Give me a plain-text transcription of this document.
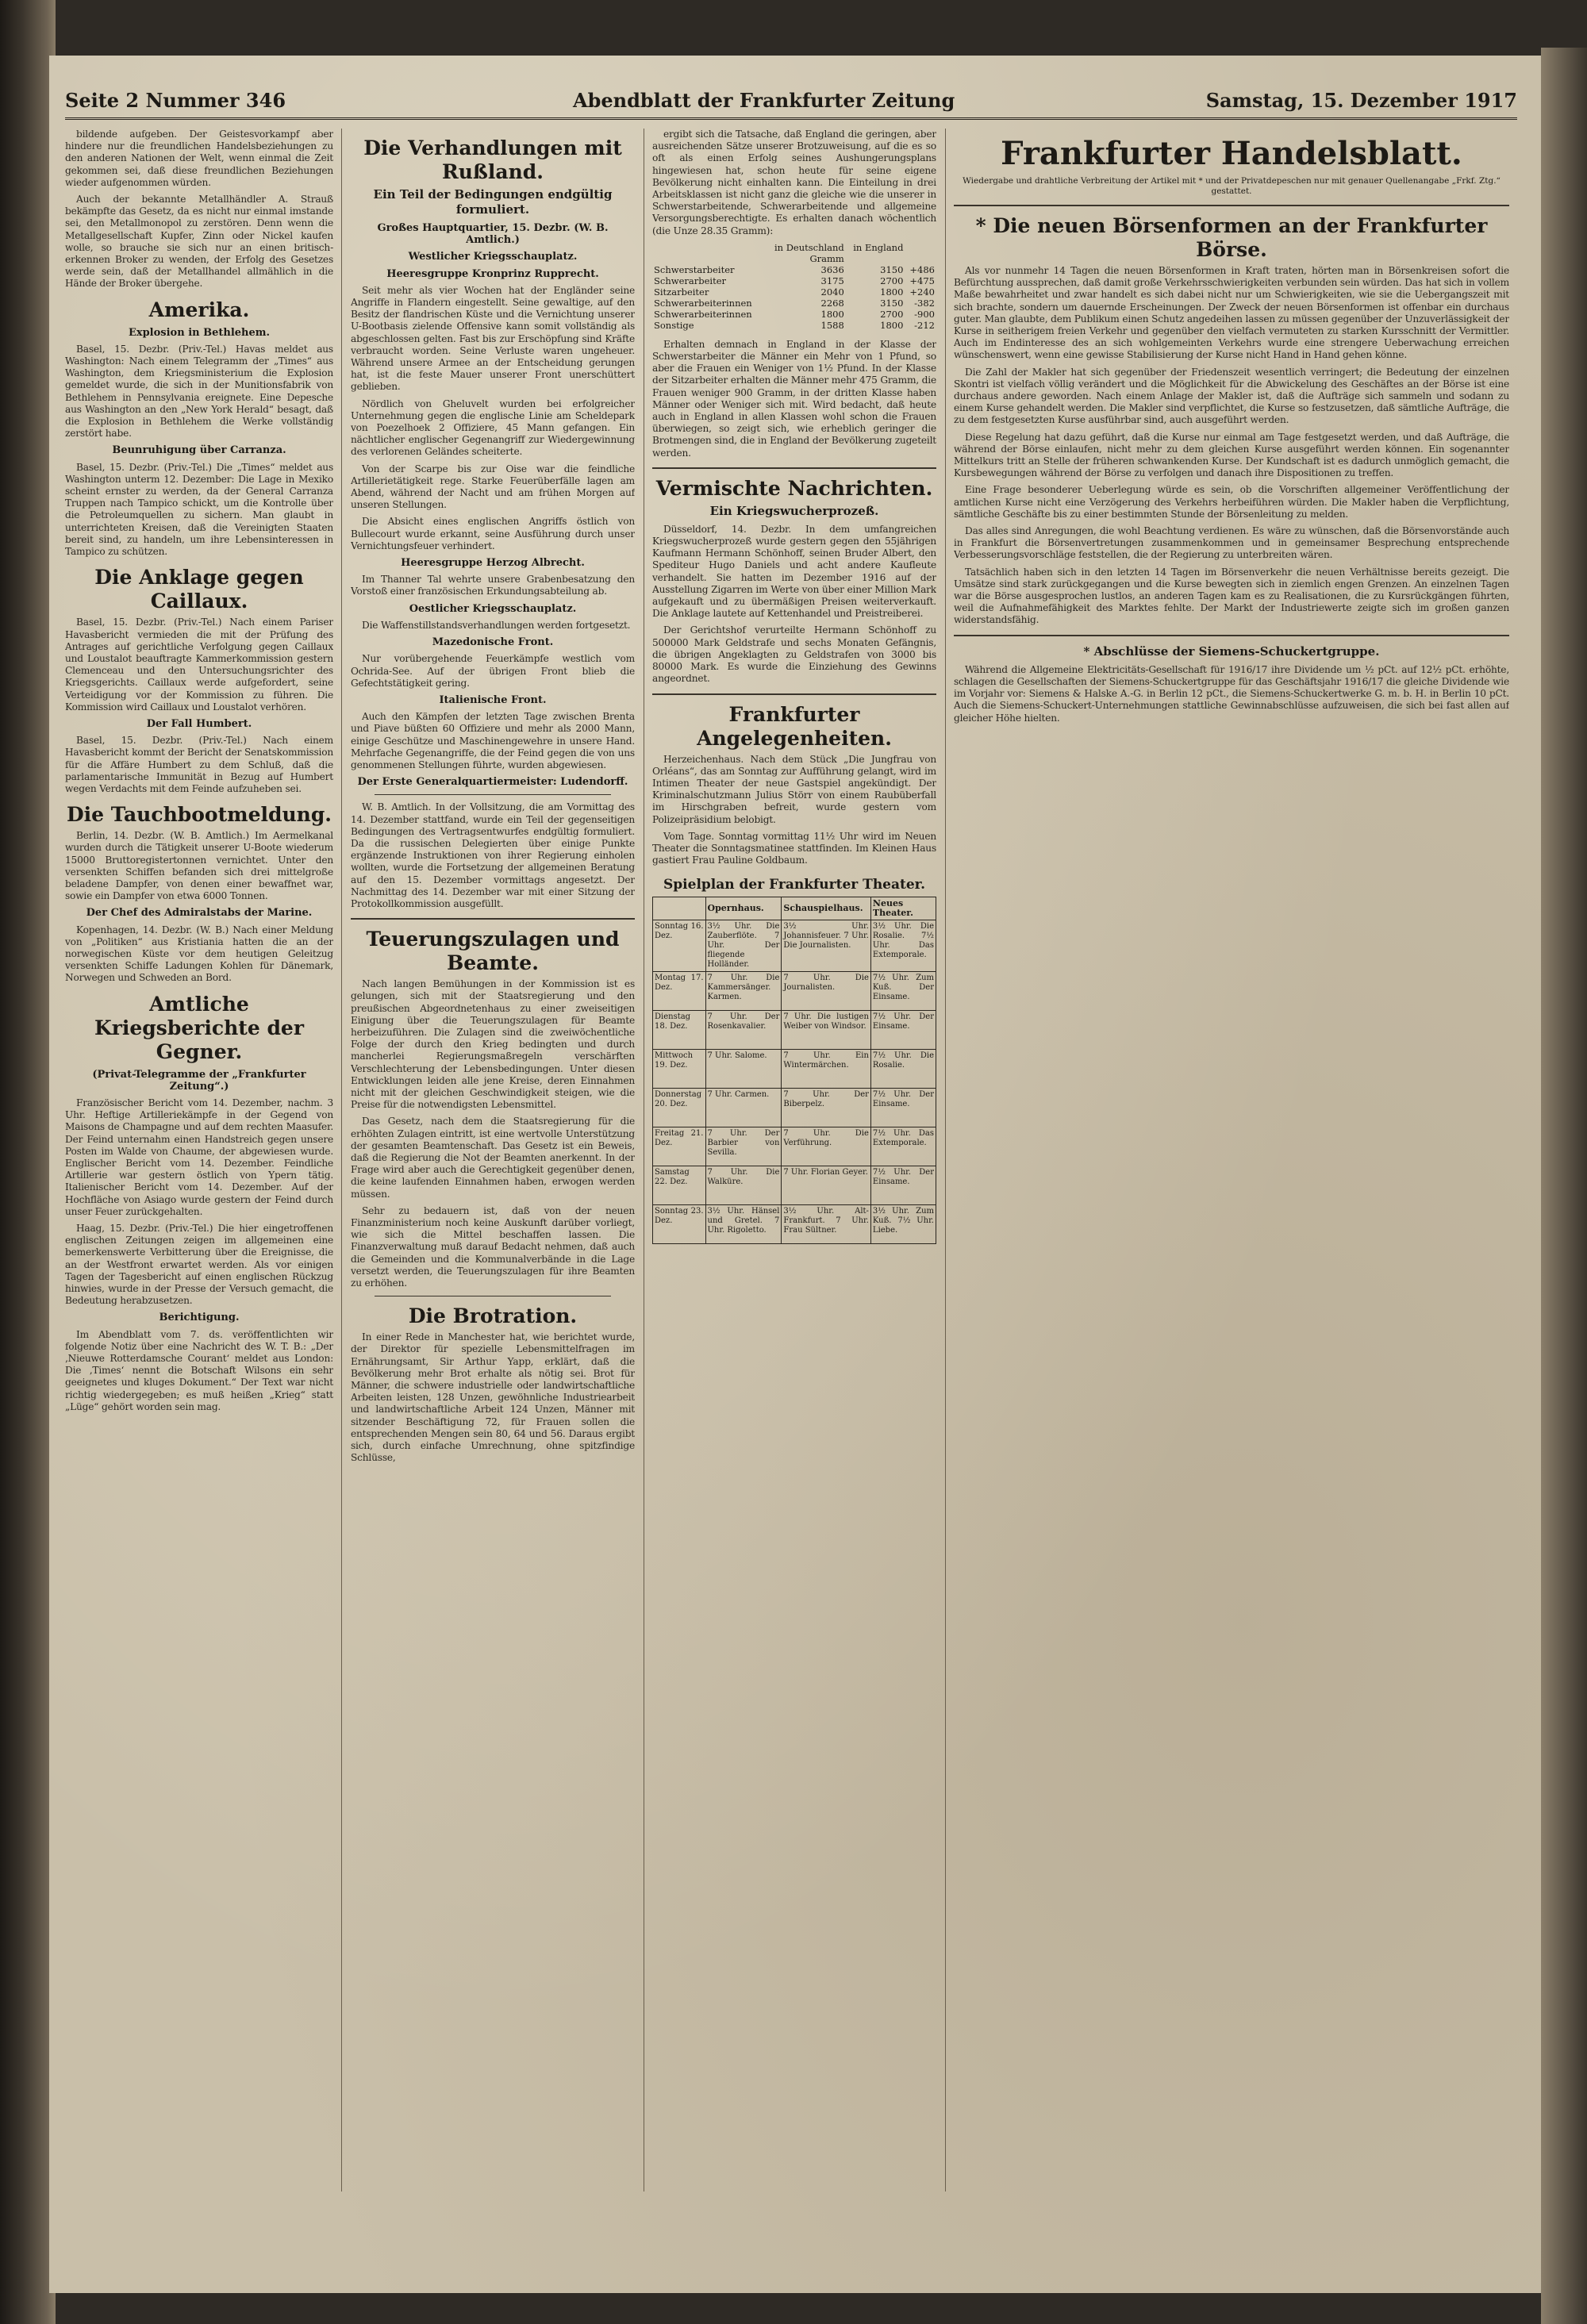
Seite 2 Nummer 346	Abendblatt der Frankfurter Zeitung	Samstag, 15. Dezember 1917

bildende aufgeben. Der Geistesvorkampf aber hindere nur die freundlichen Handelsbeziehungen zu den anderen Nationen der Welt, wenn einmal die Zeit gekommen sei, daß diese freundlichen Beziehungen wieder aufgenommen würden.

Auch der bekannte Metallhändler A. Strauß bekämpfte das Gesetz, da es nicht nur einmal imstande sei, den Metallmonopol zu zerstören. Denn wenn die Metallgesellschaft Kupfer, Zinn oder Nickel kaufen wolle, so brauche sie sich nur an einen britisch-erkennen Broker zu wenden, der Erfolg des Gesetzes werde sein, daß der Metallhandel allmählich in die Hände der Broker übergehe.

Amerika.
Explosion in Bethlehem.

Basel, 15. Dezbr. (Priv.-Tel.) Havas meldet aus Washington: Nach einem Telegramm der „Times“ aus Washington, dem Kriegsministerium die Explosion gemeldet wurde, die sich in der Munitionsfabrik von Bethlehem in Pennsylvania ereignete. Eine Depesche aus Washington an den „New York Herald“ besagt, daß die Explosion in Bethlehem die Werke vollständig zerstört habe.

Beunruhigung über Carranza.

Basel, 15. Dezbr. (Priv.-Tel.) Die „Times“ meldet aus Washington unterm 12. Dezember: Die Lage in Mexiko scheint ernster zu werden, da der General Carranza Truppen nach Tampico schickt, um die Kontrolle über die Petroleumquellen zu sichern. Man glaubt in unterrichteten Kreisen, daß die Vereinigten Staaten bereit sind, zu handeln, um ihre Lebensinteressen in Tampico zu schützen.

Die Anklage gegen Caillaux.

Basel, 15. Dezbr. (Priv.-Tel.) Nach einem Pariser Havasbericht vermieden die mit der Prüfung des Antrages auf gerichtliche Verfolgung gegen Caillaux und Loustalot beauftragte Kammerkommission gestern Clemenceau und den Untersuchungsrichter des Kriegsgerichts. Caillaux werde aufgefordert, seine Verteidigung vor der Kommission zu führen. Die Kommission wird Caillaux und Loustalot verhören.

Der Fall Humbert.

Basel, 15. Dezbr. (Priv.-Tel.) Nach einem Havasbericht kommt der Bericht der Senatskommission für die Affäre Humbert zu dem Schluß, daß die parlamentarische Immunität in Bezug auf Humbert wegen Verdachts mit dem Feinde aufzuheben sei.

Die Tauchbootmeldung.

Berlin, 14. Dezbr. (W. B. Amtlich.) Im Aermelkanal wurden durch die Tätigkeit unserer U-Boote wiederum 15000 Bruttoregistertonnen vernichtet. Unter den versenkten Schiffen befanden sich drei mittelgroße beladene Dampfer, von denen einer bewaffnet war, sowie ein Dampfer von etwa 6000 Tonnen.

Der Chef des Admiralstabs der Marine.

Kopenhagen, 14. Dezbr. (W. B.) Nach einer Meldung von „Politiken“ aus Kristiania hatten die an der norwegischen Küste vor dem heutigen Geleitzug versenkten Schiffe Ladungen Kohlen für Dänemark, Norwegen und Schweden an Bord.

Amtliche Kriegsberichte der Gegner.
(Privat-Telegramme der „Frankfurter Zeitung“.)

Französischer Bericht vom 14. Dezember, nachm. 3 Uhr. Heftige Artilleriekämpfe in der Gegend von Maisons de Champagne und auf dem rechten Maasufer. Der Feind unternahm einen Handstreich gegen unsere Posten im Walde von Chaume, der abgewiesen wurde. Englischer Bericht vom 14. Dezember. Feindliche Artillerie war gestern östlich von Ypern tätig. Italienischer Bericht vom 14. Dezember. Auf der Hochfläche von Asiago wurde gestern der Feind durch unser Feuer zurückgehalten.

Haag, 15. Dezbr. (Priv.-Tel.) Die hier eingetroffenen englischen Zeitungen zeigen im allgemeinen eine bemerkenswerte Verbitterung über die Ereignisse, die an der Westfront erwartet werden. Als vor einigen Tagen der Tagesbericht auf einen englischen Rückzug hinwies, wurde in der Presse der Versuch gemacht, die Bedeutung herabzusetzen.

Berichtigung.

Im Abendblatt vom 7. ds. veröffentlichten wir folgende Notiz über eine Nachricht des W. T. B.: „Der ‚Nieuwe Rotterdamsche Courant‘ meldet aus London: Die ‚Times‘ nennt die Botschaft Wilsons ein sehr geeignetes und kluges Dokument.“ Der Text war nicht richtig wiedergegeben; es muß heißen „Krieg“ statt „Lüge“ gehört worden sein mag.

Die Verhandlungen mit Rußland.
Ein Teil der Bedingungen endgültig formuliert.
Großes Hauptquartier, 15. Dezbr. (W. B. Amtlich.)
Westlicher Kriegsschauplatz.
Heeresgruppe Kronprinz Rupprecht.

Seit mehr als vier Wochen hat der Engländer seine Angriffe in Flandern eingestellt. Seine gewaltige, auf den Besitz der flandrischen Küste und die Vernichtung unserer U-Bootbasis zielende Offensive kann somit vollständig als abgeschlossen gelten. Fast bis zur Erschöpfung sind Kräfte verbraucht worden. Seine Verluste waren ungeheuer. Während unsere Armee an der Entscheidung gerungen hat, ist die feste Mauer unserer Front unerschüttert geblieben.

Nördlich von Gheluvelt wurden bei erfolgreicher Unternehmung gegen die englische Linie am Scheldepark von Poezelhoek 2 Offiziere, 45 Mann gefangen. Ein nächtlicher englischer Gegenangriff zur Wiedergewinnung des verlorenen Geländes scheiterte.

Von der Scarpe bis zur Oise war die feindliche Artillerietätigkeit rege. Starke Feuerüberfälle lagen am Abend, während der Nacht und am frühen Morgen auf unseren Stellungen.

Die Absicht eines englischen Angriffs östlich von Bullecourt wurde erkannt, seine Ausführung durch unser Vernichtungsfeuer verhindert.

Heeresgruppe Herzog Albrecht.

Im Thanner Tal wehrte unsere Grabenbesatzung den Vorstoß einer französischen Erkundungsabteilung ab.

Oestlicher Kriegsschauplatz.

Die Waffenstillstandsverhandlungen werden fortgesetzt.

Mazedonische Front.

Nur vorübergehende Feuerkämpfe westlich vom Ochrida-See. Auf der übrigen Front blieb die Gefechtstätigkeit gering.

Italienische Front.

Auch den Kämpfen der letzten Tage zwischen Brenta und Piave büßten 60 Offiziere und mehr als 2000 Mann, einige Geschütze und Maschinengewehre in unsere Hand. Mehrfache Gegenangriffe, die der Feind gegen die von uns genommenen Stellungen führte, wurden abgewiesen.

Der Erste Generalquartiermeister: Ludendorff.

W. B. Amtlich. In der Vollsitzung, die am Vormittag des 14. Dezember stattfand, wurde ein Teil der gegenseitigen Bedingungen des Vertragsentwurfes endgültig formuliert. Da die russischen Delegierten über einige Punkte ergänzende Instruktionen von ihrer Regierung einholen wollten, wurde die Fortsetzung der allgemeinen Beratung auf den 15. Dezember vormittags angesetzt. Der Nachmittag des 14. Dezember war mit einer Sitzung der Protokollkommission ausgefüllt.

Teuerungszulagen und Beamte.

Nach langen Bemühungen in der Kommission ist es gelungen, sich mit der Staatsregierung und den preußischen Abgeordnetenhaus zu einer zweiseitigen Einigung über die Teuerungszulagen für Beamte herbeizuführen. Die Zulagen sind die zweiwöchentliche Folge der durch den Krieg bedingten und durch mancherlei Regierungsmaßregeln verschärften Verschlechterung der Lebensbedingungen. Unter diesen Entwicklungen leiden alle jene Kreise, deren Einnahmen nicht mit der gleichen Geschwindigkeit steigen, wie die Preise für die notwendigsten Lebensmittel.

Das Gesetz, nach dem die Staatsregierung für die erhöhten Zulagen eintritt, ist eine wertvolle Unterstützung der gesamten Beamtenschaft. Das Gesetz ist ein Beweis, daß die Regierung die Not der Beamten anerkennt. In der Frage wird aber auch die Gerechtigkeit gegenüber denen, die keine laufenden Einnahmen haben, erwogen werden müssen.

Sehr zu bedauern ist, daß von der neuen Finanzministerium noch keine Auskunft darüber vorliegt, wie sich die Mittel beschaffen lassen. Die Finanzverwaltung muß darauf Bedacht nehmen, daß auch die Gemeinden und die Kommunalverbände in die Lage versetzt werden, die Teuerungszulagen für ihre Beamten zu erhöhen.

Die Brotration.

In einer Rede in Manchester hat, wie berichtet wurde, der Direktor für spezielle Lebensmittelfragen im Ernährungsamt, Sir Arthur Yapp, erklärt, daß die Bevölkerung mehr Brot erhalte als nötig sei. Brot für Männer, die schwere industrielle oder landwirtschaftliche Arbeiten leisten, 128 Unzen, gewöhnliche Industriearbeit und landwirtschaftliche Arbeit 124 Unzen, Männer mit sitzender Beschäftigung 72, für Frauen sollen die entsprechenden Mengen sein 80, 64 und 56. Daraus ergibt sich, durch einfache Umrechnung, ohne spitzfindige Schlüsse,

ergibt sich die Tatsache, daß England die geringen, aber ausreichenden Sätze unserer Brotzuweisung, auf die es so oft als einen Erfolg seines Aushungerungsplans hingewiesen hat, schon heute für seine eigene Bevölkerung nicht einhalten kann. Die Einteilung in drei Arbeitsklassen ist nicht ganz die gleiche wie die unserer in Schwerstarbeitende, Schwerarbeitende und allgemeine Versorgungsberechtigte. Es erhalten danach wöchentlich (die Unze 28.35 Gramm):

	in Deutschland	in England	
	Gramm		
Schwerstarbeiter	3636	3150	+486
Schwerarbeiter	3175	2700	+475
Sitzarbeiter	2040	1800	+240
Schwerarbeiterinnen	2268	3150	-382
Schwerarbeiterinnen	1800	2700	-900
Sonstige	1588	1800	-212

Erhalten demnach in England in der Klasse der Schwerstarbeiter die Männer ein Mehr von 1 Pfund, so aber die Frauen ein Weniger von 1½ Pfund. In der Klasse der Sitzarbeiter erhalten die Männer mehr 475 Gramm, die Frauen weniger 900 Gramm, in der dritten Klasse haben Männer oder Weniger sich mit. Wird bedacht, daß heute auch in England in allen Klassen wohl schon die Frauen überwiegen, so zeigt sich, wie erheblich geringer die Brotmengen sind, die in England der Bevölkerung zugeteilt werden.

Vermischte Nachrichten.
Ein Kriegswucherprozeß.

Düsseldorf, 14. Dezbr. In dem umfangreichen Kriegswucherprozeß wurde gestern gegen den 55jährigen Kaufmann Hermann Schönhoff, seinen Bruder Albert, den Spediteur Hugo Daniels und acht andere Kaufleute verhandelt. Sie hatten im Dezember 1916 auf der Ausstellung Zigarren im Werte von über einer Million Mark aufgekauft und zu übermäßigen Preisen weiterverkauft. Die Anklage lautete auf Kettenhandel und Preistreiberei.

Der Gerichtshof verurteilte Hermann Schönhoff zu 500000 Mark Geldstrafe und sechs Monaten Gefängnis, die übrigen Angeklagten zu Geldstrafen von 3000 bis 80000 Mark. Es wurde die Einziehung des Gewinns angeordnet.

Frankfurter Angelegenheiten.

Herzeichenhaus. Nach dem Stück „Die Jungfrau von Orléans“, das am Sonntag zur Aufführung gelangt, wird im Intimen Theater der neue Gastspiel angekündigt. Der Kriminalschutzmann Julius Störr von einem Raubüberfall im Hirschgraben befreit, wurde gestern vom Polizeipräsidium belobigt.

Vom Tage. Sonntag vormittag 11½ Uhr wird im Neuen Theater die Sonntagsmatinee stattfinden. Im Kleinen Haus gastiert Frau Pauline Goldbaum.

Spielplan der Frankfurter Theater.
	Opernhaus.	Schauspielhaus.	Neues Theater.
Sonntag 16. Dez.	3½ Uhr. Die Zauberflöte. 7 Uhr. Der fliegende Holländer.	3½ Uhr. Johannisfeuer. 7 Uhr. Die Journalisten.	3½ Uhr. Die Rosalie. 7½ Uhr. Das Extemporale.
Montag 17. Dez.	7 Uhr. Die Kammersänger. Karmen.	7 Uhr. Die Journalisten.	7½ Uhr. Zum Kuß. Der Einsame.
Dienstag 18. Dez.	7 Uhr. Der Rosenkavalier.	7 Uhr. Die lustigen Weiber von Windsor.	7½ Uhr. Der Einsame.
Mittwoch 19. Dez.	7 Uhr. Salome.	7 Uhr. Ein Wintermärchen.	7½ Uhr. Die Rosalie.
Donnerstag 20. Dez.	7 Uhr. Carmen.	7 Uhr. Der Biberpelz.	7½ Uhr. Der Einsame.
Freitag 21. Dez.	7 Uhr. Der Barbier von Sevilla.	7 Uhr. Die Verführung.	7½ Uhr. Das Extemporale.
Samstag 22. Dez.	7 Uhr. Die Walküre.	7 Uhr. Florian Geyer.	7½ Uhr. Der Einsame.
Sonntag 23. Dez.	3½ Uhr. Hänsel und Gretel. 7 Uhr. Rigoletto.	3½ Uhr. Alt-Frankfurt. 7 Uhr. Frau Sültner.	3½ Uhr. Zum Kuß. 7½ Uhr. Liebe.
Frankfurter Handelsblatt.
Wiedergabe und drahtliche Verbreitung der Artikel mit * und der Privatdepeschen nur mit genauer Quellenangabe „Frkf. Ztg.“ gestattet.
* Die neuen Börsenformen an der Frankfurter Börse.

Als vor nunmehr 14 Tagen die neuen Börsenformen in Kraft traten, hörten man in Börsenkreisen sofort die Befürchtung aussprechen, daß damit große Verkehrsschwierigkeiten verbunden sein würden. Das hat sich in vollem Maße bewahrheitet und zwar handelt es sich dabei nicht nur um Schwierigkeiten, wie sie die Uebergangszeit mit sich brachte, sondern um dauernde Erscheinungen. Der Zweck der neuen Börsenformen ist offenbar ein durchaus guter. Man glaubte, dem Publikum einen Schutz angedeihen lassen zu müssen gegenüber der Unzuverlässigkeit der Kurse in seitherigem freien Verkehr und gegenüber den vielfach vermuteten zu starken Kursschnitt der Vermittler. Auch im Endinteresse des an sich wohlgemeinten Verkehrs wurde eine strengere Ueberwachung erreichen wünschenswert, wenn eine gewisse Stabilisierung der Kurse nicht Hand in Hand gehen könne.

Die Zahl der Makler hat sich gegenüber der Friedenszeit wesentlich verringert; die Bedeutung der einzelnen Skontri ist vielfach völlig verändert und die Möglichkeit für die Abwickelung des Geschäftes an der Börse ist eine durchaus andere geworden. Nach einem Anlage der Makler ist, daß die Aufträge sich sammeln und sodann zu einem Kurse gehandelt werden. Die Makler sind verpflichtet, die Kurse so festzusetzen, daß sämtliche Aufträge, die zu dem festgesetzten Kurse ausführbar sind, auch ausgeführt werden.

Diese Regelung hat dazu geführt, daß die Kurse nur einmal am Tage festgesetzt werden, und daß Aufträge, die während der Börse einlaufen, nicht mehr zu dem gleichen Kurse ausgeführt werden können. Ein sogenannter Mittelkurs tritt an Stelle der früheren schwankenden Kurse. Der Kundschaft ist es dadurch unmöglich gemacht, die Kursbewegungen während der Börse zu verfolgen und danach ihre Dispositionen zu treffen.

Eine Frage besonderer Ueberlegung würde es sein, ob die Vorschriften allgemeiner Veröffentlichung der amtlichen Kurse nicht eine Verzögerung des Verkehrs herbeiführen würden. Die Makler haben die Verpflichtung, sämtliche Geschäfte bis zu einer bestimmten Stunde der Börsenleitung zu melden.

Das alles sind Anregungen, die wohl Beachtung verdienen. Es wäre zu wünschen, daß die Börsenvorstände auch in Frankfurt die Börsenvertretungen zusammenkommen und in gemeinsamer Besprechung entsprechende Verbesserungsvorschläge feststellen, die der Regierung zu unterbreiten wären.

Tatsächlich haben sich in den letzten 14 Tagen im Börsenverkehr die neuen Verhältnisse bereits gezeigt. Die Umsätze sind stark zurückgegangen und die Kurse bewegten sich in ziemlich engen Grenzen. An einzelnen Tagen war die Börse ausgesprochen lustlos, an anderen Tagen kam es zu Realisationen, die zu Kursrückgängen führten, weil die Aufnahmefähigkeit des Marktes fehlte. Der Markt der Industriewerte zeigte sich im großen ganzen widerstandsfähig.

* Abschlüsse der Siemens-Schuckertgruppe.

Während die Allgemeine Elektricitäts-Gesellschaft für 1916/17 ihre Dividende um ½ pCt. auf 12½ pCt. erhöhte, schlagen die Gesellschaften der Siemens-Schuckertgruppe für das Geschäftsjahr 1916/17 die gleiche Dividende wie im Vorjahr vor: Siemens & Halske A.-G. in Berlin 12 pCt., die Siemens-Schuckertwerke G. m. b. H. in Berlin 10 pCt. Auch die Siemens-Schuckert-Unternehmungen stattliche Gewinnabschlüsse aufzuweisen, die sich bei fast allen auf gleicher Höhe hielten.
